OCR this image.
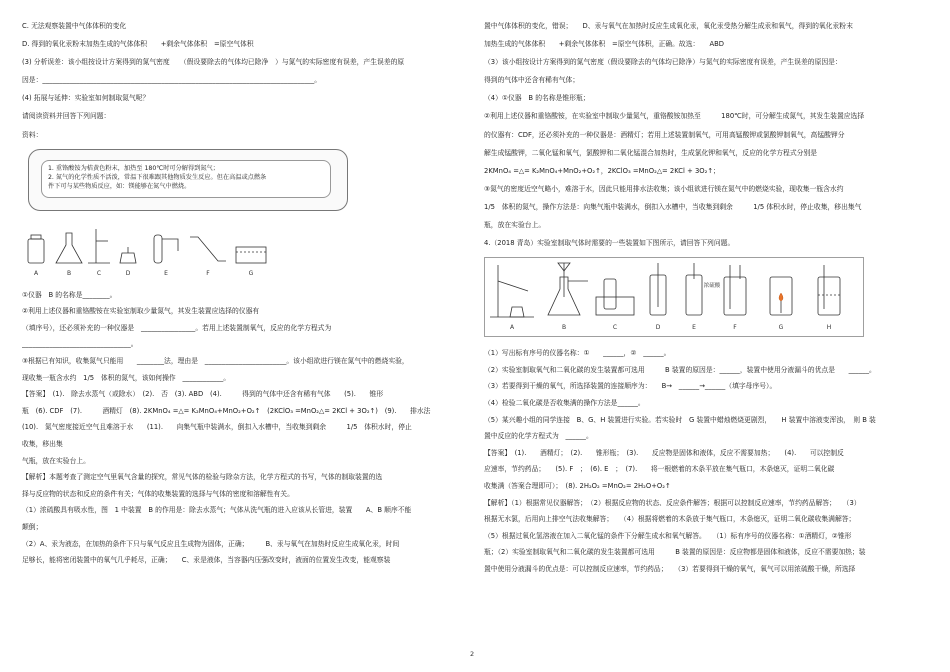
C. 无法观察装置中气体体积的变化
D. 得到的氧化汞粉末加热生成的气体体积　　+剩余气体体积　=原空气体积
(3) 分析误差：该小组按设计方案得到的氮气密度　　（假设要除去的气体均已除净　）与氮气的实际密度有误差，产生误差的原
因是：________________________________________________________________________________。
(4) 拓展与延伸：实验室如何制取氮气呢？
请阅读资料并回答下列问题：
资料：
1. 重铬酸铵为桔黄色粉末，加热至 180℃时可分解得到氮气；
2. 氮气的化学性质不活泼，常温下很难跟其他物质发生反应。但在高温或点燃条
件下可与某些物质反应，如：镁能够在氮气中燃烧。
A	B	C	D	E	F	G
①仪器　B 的名称是________。
②利用上述仪器和重铬酸铵在实验室制取少量氮气，其发生装置应选择的仪器有
（填序号），还必须补充的一种仪器是　________________。若用上述装置制氧气，反应的化学方程式为
________________________________。
③根据已有知识，收集氮气只能用　　________法，理由是　________________________。该小组欲进行镁在氮气中的燃烧实验，
现收集一瓶含水约　1/5　体积的氮气，该如何操作　____________。
【答案】　(1).　除去水蒸气（或除水）　(2).　否　(3). ABD　(4).　　　得到的气体中还含有稀有气体　　(5).　　锥形
瓶　(6). CDF　(7).　　　酒精灯　(8). 2KMnO₄ =△= K₂MnO₄+MnO₂+O₂↑　(2KClO₃ =MnO₂△= 2KCl + 3O₂↑)　(9).　　排水法
(10).　氮气密度接近空气且难溶于水　　(11).　　向集气瓶中装满水，倒扣入水槽中，当收集到剩余　　　1/5　体积水时，停止
收集，移出集
气瓶，放在实验台上。
【解析】本题考查了测定空气里氧气含量的探究，常见气体的检验与除杂方法，化学方程式的书写，气体的制取装置的选
择与反应物的状态和反应的条件有关；气体的收集装置的选择与气体的密度和溶解性有关。
（1）浓硫酸具有吸水性，图　1 中装置　B 的作用是：除去水蒸气；气体从洗气瓶的进入应该从长管进，装置　　A、B 顺序不能
颠倒；
（2）A、汞为液态，在加热的条件下只与氧气反应且生成物为固体，正确；　　　B、汞与氧气在加热时反应生成氧化汞，时间
足够长，能将密闭装置中的氧气几乎耗尽，正确；　　C、汞是液体，当容器内压强改变时，液面的位置发生改变，能观察装
置中气体体积的变化，错误；　　D、汞与氧气在加热时反应生成氧化汞，氧化汞受热分解生成汞和氧气，得到的氧化汞粉末
加热生成的气体体积　　+剩余气体体积　=原空气体积，正确。故选：　　ABD
（3）该小组按设计方案得到的氮气密度（假设要除去的气体均已除净）与氮气的实际密度有误差，产生误差的原因是：
得到的气体中还含有稀有气体；
（4）①仪器　B 的名称是锥形瓶；
②利用上述仪器和重铬酸铵，在实验室中制取少量氮气，重铬酸铵加热至　　　180℃时，可分解生成氮气，其发生装置应选择
的仪器有：CDF，还必须补充的一种仪器是：酒精灯；若用上述装置制氧气，可用高锰酸钾或氯酸钾制氧气，高锰酸钾分
解生成锰酸钾，二氧化锰和氧气，氯酸钾和二氧化锰混合加热时，生成氯化钾和氧气，反应的化学方程式分别是
2KMnO₄ =△= K₂MnO₄+MnO₂+O₂↑，2KClO₃ =MnO₂△= 2KCl + 3O₂↑；
③氮气的密度近空气略小，难溶于水，因此只能用排水法收集；该小组欲进行镁在氮气中的燃烧实验，现收集一瓶含水约
1/5　体积的氮气，操作方法是：向集气瓶中装满水，倒扣入水槽中，当收集到剩余　　　1/5 体积水时，停止收集，移出集气
瓶，放在实验台上。
4.（2018 青岛）实验室制取气体时需要的一些装置如下图所示，请回答下列问题。
浓硫酸
A	B	C	D	E	F	G	H
（1）写出标有序号的仪器名称：①　　______，②　______。
（2）实验室制取氧气和二氧化碳的发生装置都可选用　　　B 装置的原因是：______，装置中使用分液漏斗的优点是　　______。
（3）若要得到干燥的氧气，所选择装置的连接顺序为：　　B→　______→______（填字母序号）。
（4）检验二氧化碳是否收集满的操作方法是______。
（5）某兴趣小组的同学连接　B、G、H 装置进行实验。若实验时　G 装置中蜡烛燃烧更剧烈，　　H 装置中溶液变浑浊，　则 B 装
置中反应的化学方程式为　______。
【答案】　(1).　　酒精灯；　(2).　　锥形瓶；　(3).　　反应物是固体和液体，反应不需要加热；　　(4).　　可以控制反
应速率，节约药品；　　(5). F　；　(6). E　；　(7).　　将一根燃着的木条平放在集气瓶口，木条熄灭，证明二氧化碳
收集满（答案合理即可）；　(8). 2H₂O₂ =MnO₂= 2H₂O+O₂↑
【解析】（1）根据常见仪器解答；　（2）根据反应物的状态、反应条件解答；根据可以控制反应速率，节约药品解答；　　（3）
根据无水氯，后用向上排空气法收集解答；　　（4）根据将燃着的木条放于集气瓶口，木条熄灭，证明二氧化碳收集满解答；
（5）根据过氧化氢溶液在加入二氧化锰的条件下分解生成水和氧气解答。　　（1）标有序号的仪器名称：①酒精灯，②锥形
瓶；（2）实验室制取氧气和二氧化碳的发生装置都可选用　　　B 装置的原因是：反应物都是固体和液体，反应不需要加热；装
置中使用分液漏斗的优点是：可以控制反应速率，节约药品；　　（3）若要得到干燥的氧气，氧气可以用浓硫酸干燥，所选择
2
